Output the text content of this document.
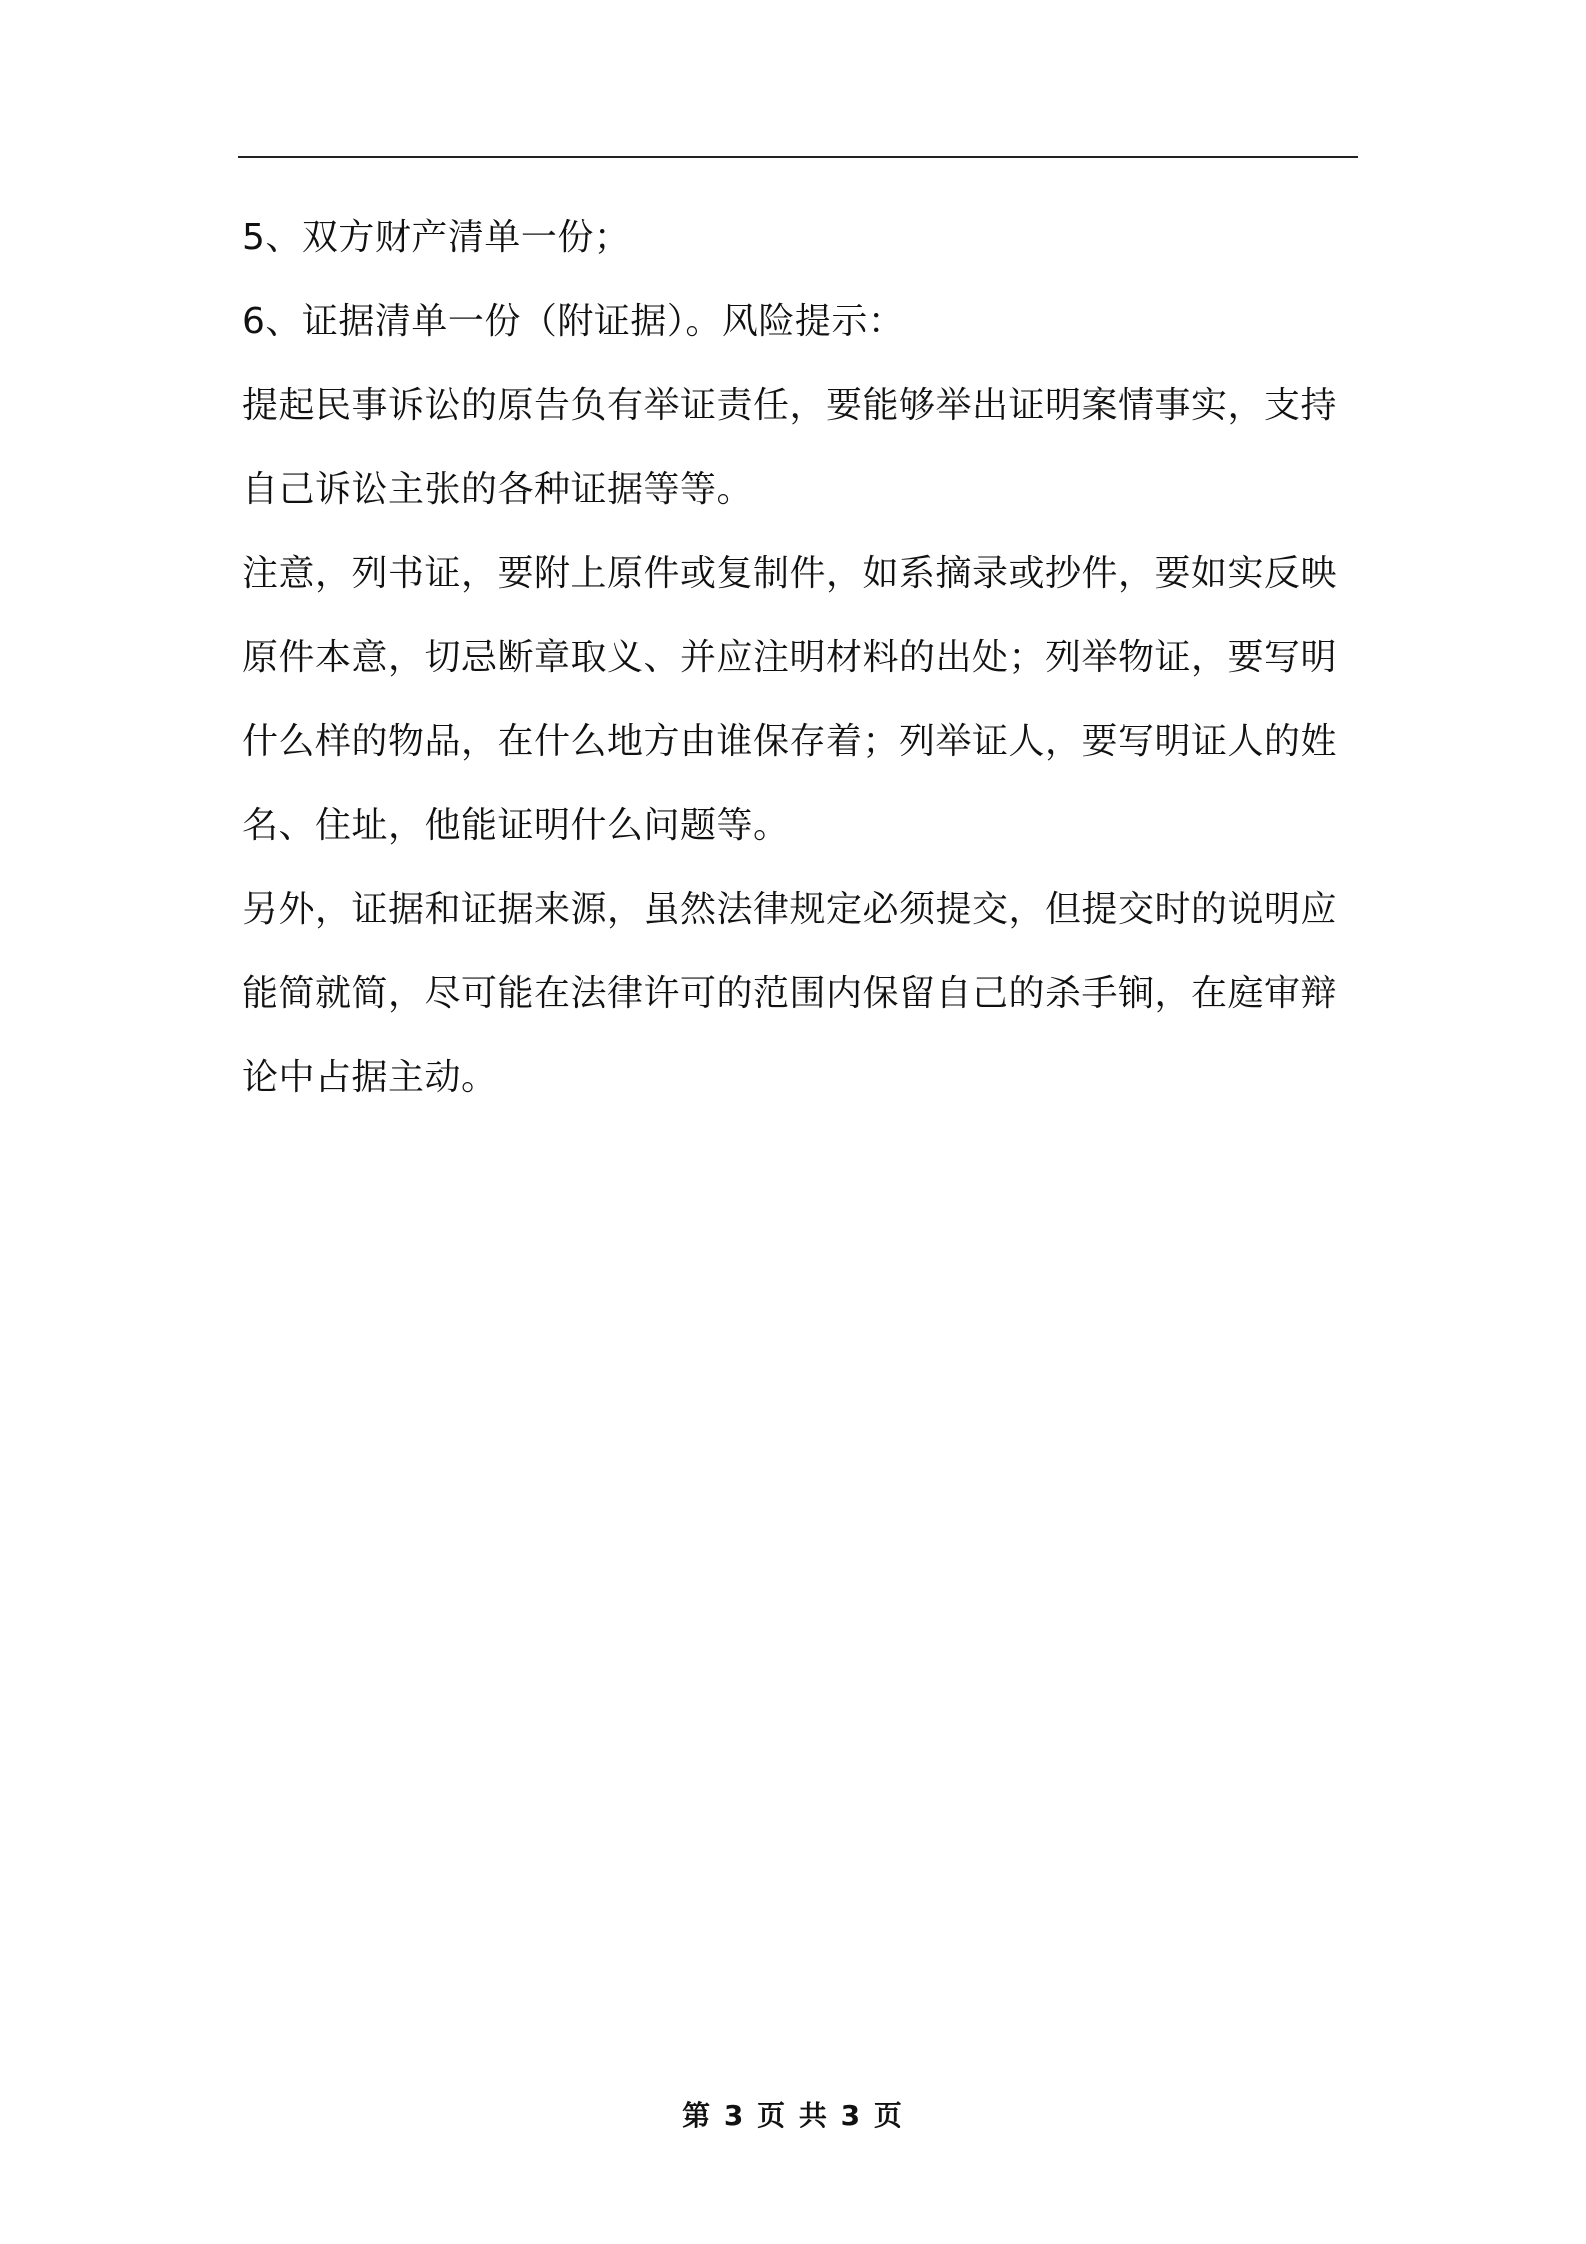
5、双方财产清单一份；
6、证据清单一份（附证据）。风险提示：
提起民事诉讼的原告负有举证责任，要能够举出证明案情事实，支持
自己诉讼主张的各种证据等等。
注意，列书证，要附上原件或复制件，如系摘录或抄件，要如实反映
原件本意，切忌断章取义、并应注明材料的出处；列举物证，要写明
什么样的物品，在什么地方由谁保存着；列举证人，要写明证人的姓
名、住址，他能证明什么问题等。
另外，证据和证据来源，虽然法律规定必须提交，但提交时的说明应
能简就简，尽可能在法律许可的范围内保留自己的杀手锏，在庭审辩
论中占据主动。
第 3 页 共 3 页
